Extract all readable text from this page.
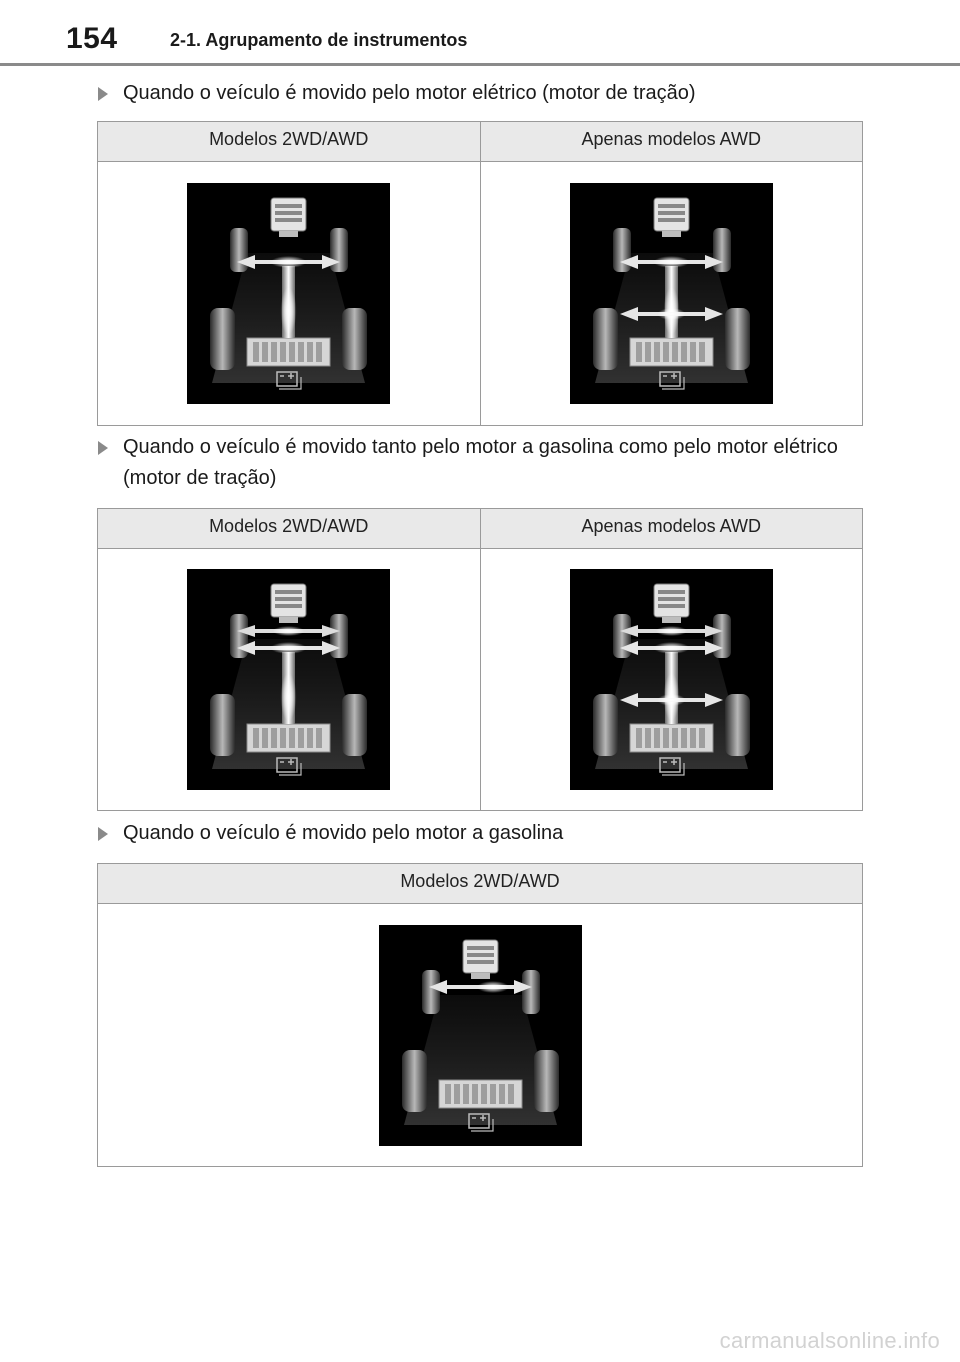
154	2-1. Agrupamento de instrumentos
Quando o veículo é movido pelo motor elétrico (motor de tração)
Modelos 2WD/AWD	Apenas modelos AWD
Quando o veículo é movido tanto pelo motor a gasolina como pelo motor elétrico (motor de tração)
Modelos 2WD/AWD	Apenas modelos AWD
Quando o veículo é movido pelo motor a gasolina
Modelos 2WD/AWD
carmanualsonline.info
